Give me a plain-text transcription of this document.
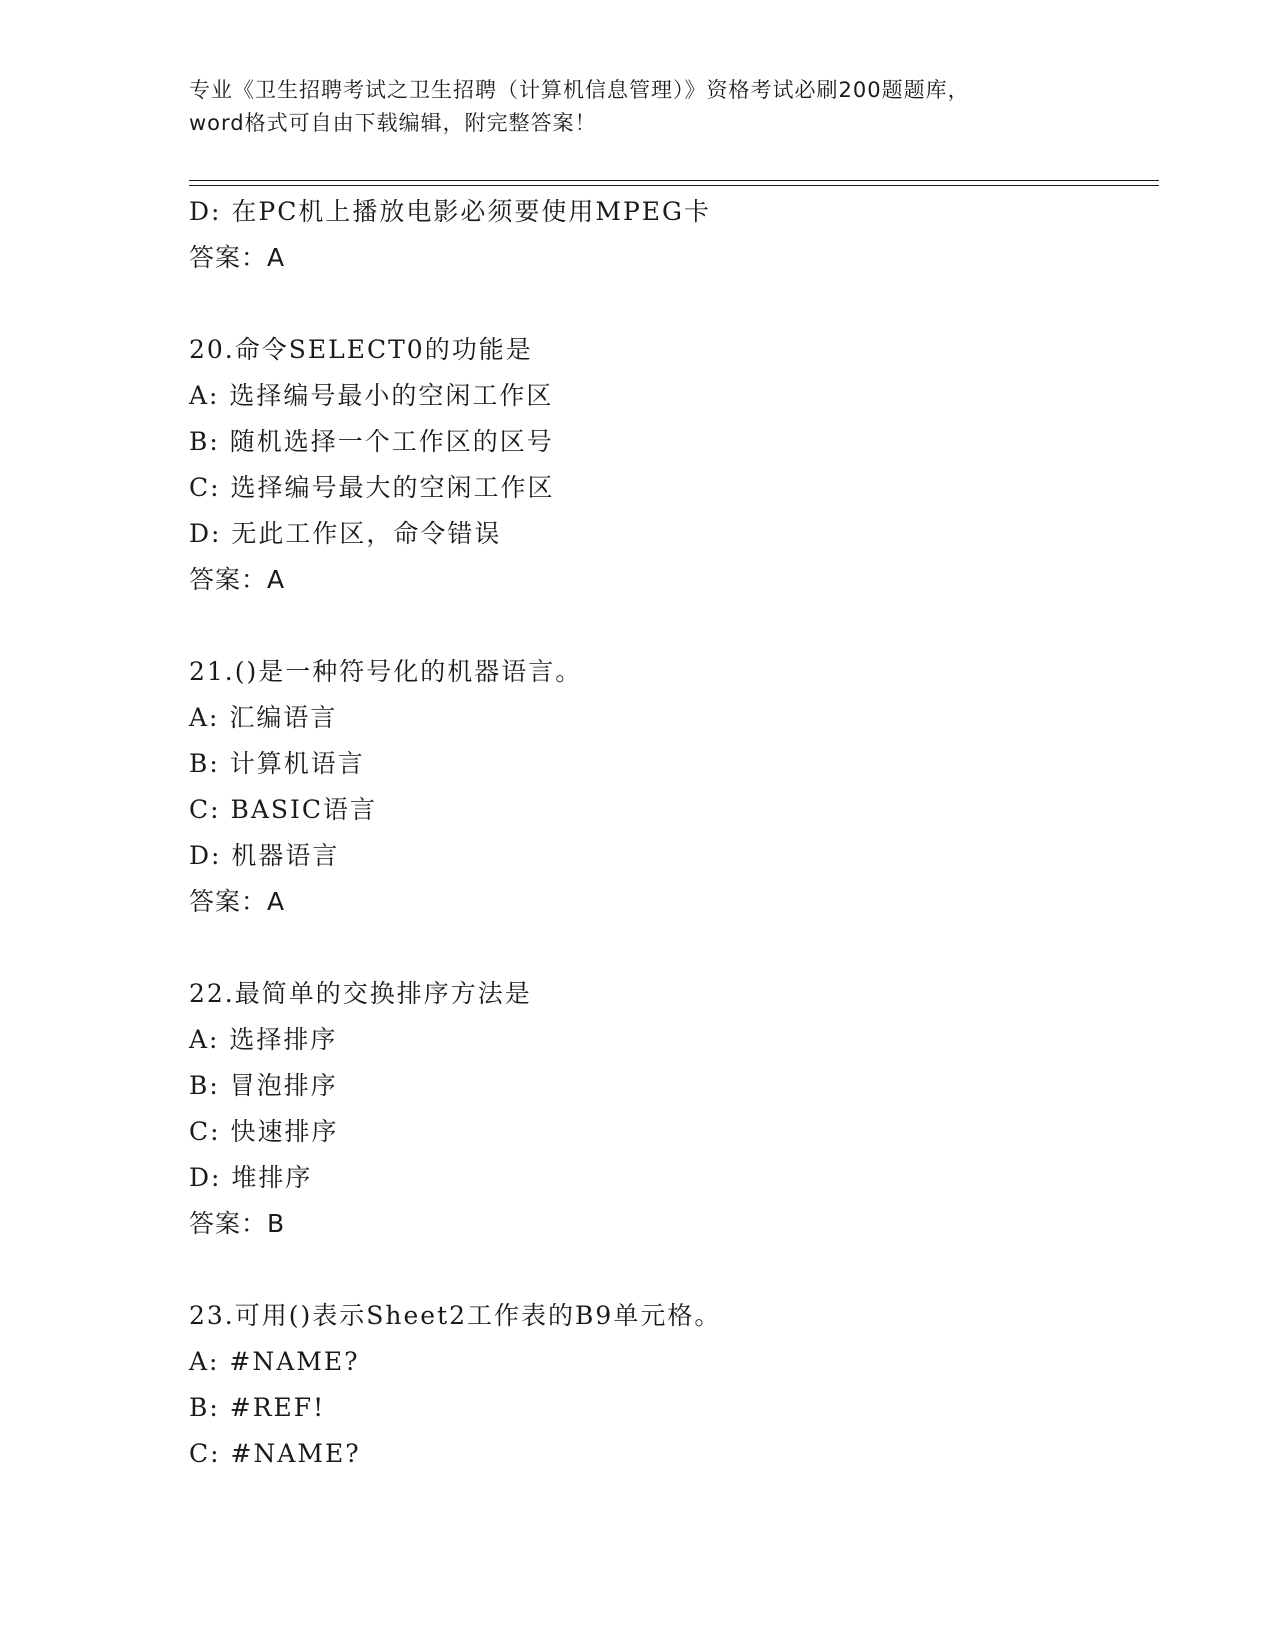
专业《卫生招聘考试之卫生招聘（计算机信息管理）》资格考试必刷200题题库，
word格式可自由下载编辑，附完整答案！
D: 在PC机上播放电影必须要使用MPEG卡
答案：A
20.命令SELECT0的功能是
A: 选择编号最小的空闲工作区
B: 随机选择一个工作区的区号
C: 选择编号最大的空闲工作区
D: 无此工作区，命令错误
答案：A
21.()是一种符号化的机器语言。
A: 汇编语言
B: 计算机语言
C: BASIC语言
D: 机器语言
答案：A
22.最简单的交换排序方法是
A: 选择排序
B: 冒泡排序
C: 快速排序
D: 堆排序
答案：B
23.可用()表示Sheet2工作表的B9单元格。
A: #NAME?
B: #REF!
C: #NAME?
